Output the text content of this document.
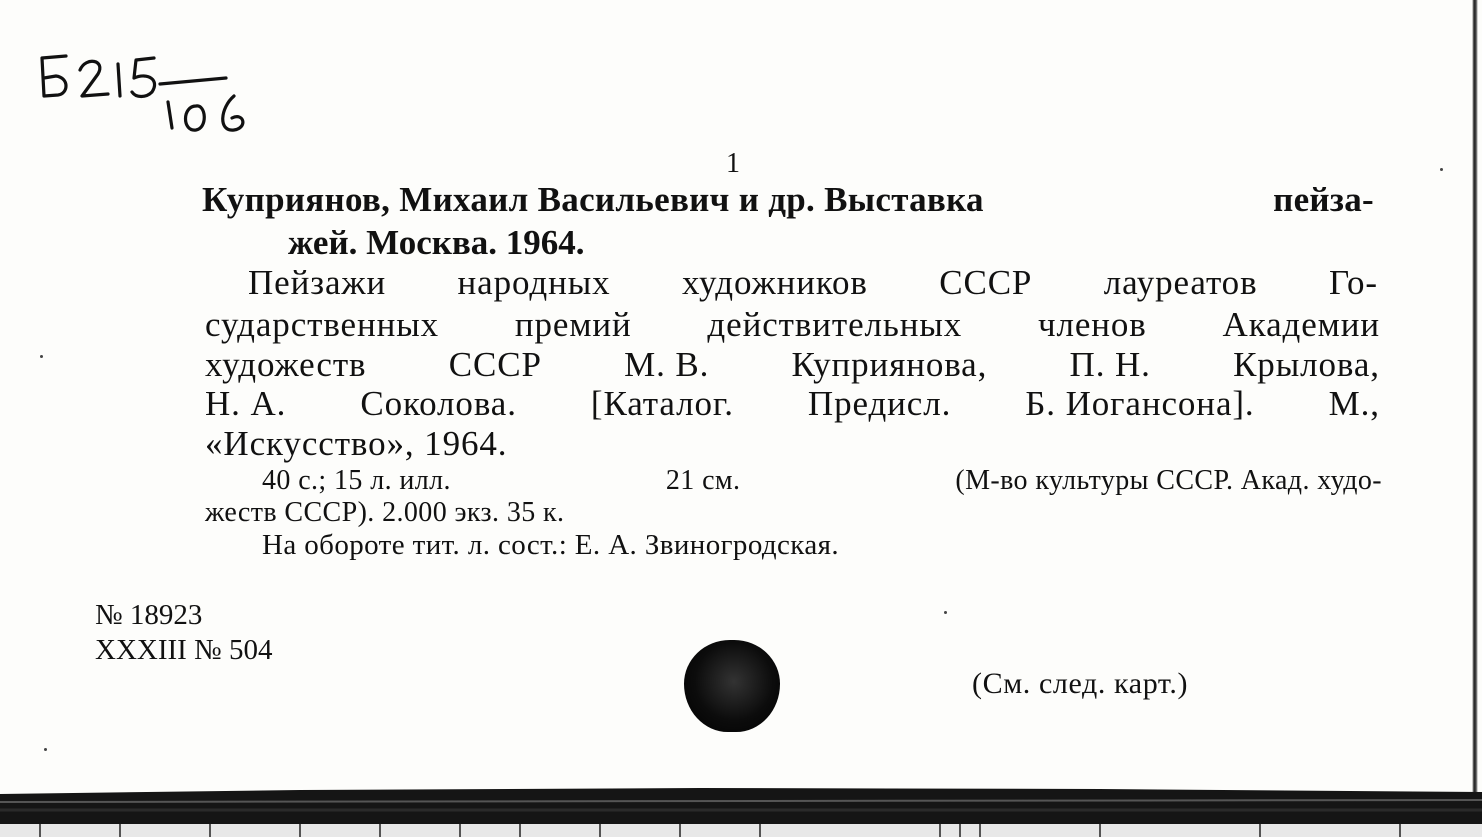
1
Куприянов, Михаил Васильевич и др. Выставка	пейза-
жей. Москва. 1964.
Пейзажи народных художников СССР лауреатов Го-
сударственных премий действительных членов Академии
художеств СССР М. В. Куприянова, П. Н. Крылова,
Н. А. Соколова. [Каталог. Предисл. Б. Иогансона]. М.,
«Искусство», 1964.
40 с.; 15 л. илл.	21 см.	(М-во культуры СССР. Акад. худо-
жеств СССР). 2.000 экз. 35 к.
На обороте тит. л. сост.: Е. А. Звиногродская.
№ 18923
XXXIII № 504
(См. след. карт.)
